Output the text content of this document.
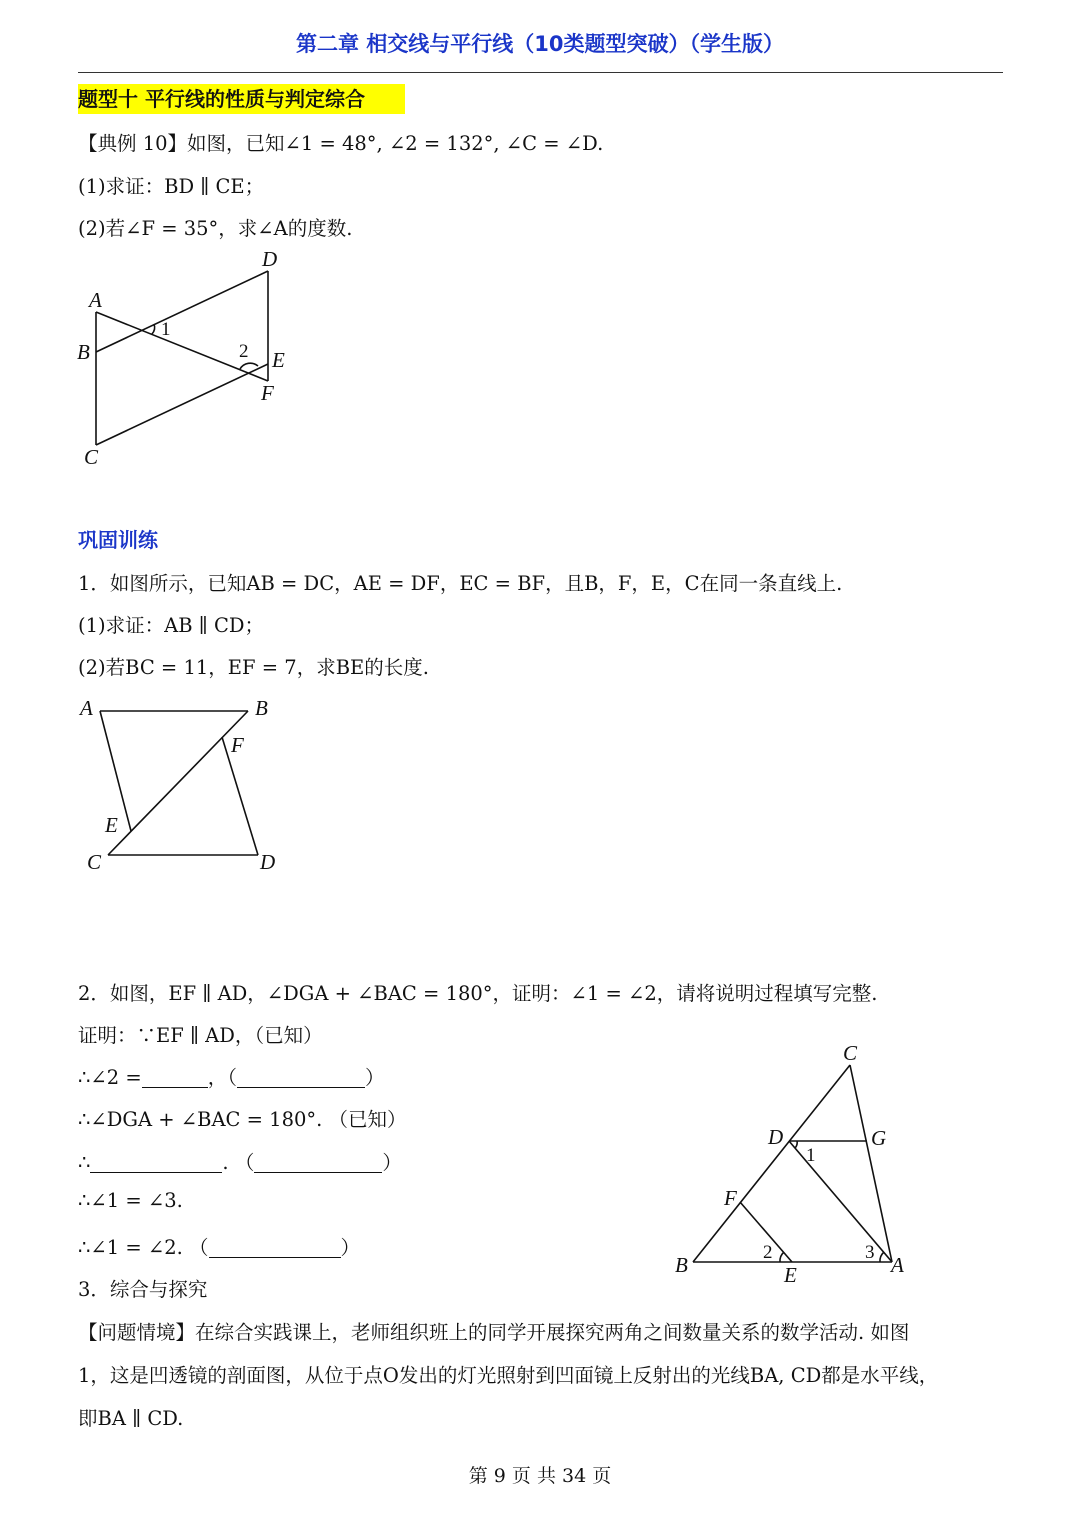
第二章 相交线与平行线（10类题型突破）（学生版）
题型十 平行线的性质与判定综合
【典例 10】如图，已知∠1 = 48°, ∠2 = 132°, ∠C = ∠D.
(1)求证：BD ∥ CE；
(2)若∠F = 35°，求∠A的度数.
D
A
1
B	2 E
F
C
巩固训练
1．如图所示，已知AB = DC，AE = DF，EC = BF，且B，F，E，C在同一条直线上.
(1)求证：AB ∥ CD；
(2)若BC = 11，EF = 7，求BE的长度.
A	B
F
E
C	D
2．如图，EF ∥ AD，∠DGA + ∠BAC = 180°，证明：∠1 = ∠2，请将说明过程填写完整.
证明：∵EF ∥ AD，（已知）
∴∠2 =	，（	）
∴∠DGA + ∠BAC = 180°. （已知）
∴	. （	）
∴∠1 = ∠3.
∴∠1 = ∠2. （	）
C
D	G
1
F
2	3
B	E	A
3．综合与探究
【问题情境】在综合实践课上，老师组织班上的同学开展探究两角之间数量关系的数学活动. 如图
1，这是凹透镜的剖面图，从位于点O发出的灯光照射到凹面镜上反射出的光线BA, CD都是水平线，
即BA ∥ CD.
第 9 页 共 34 页
